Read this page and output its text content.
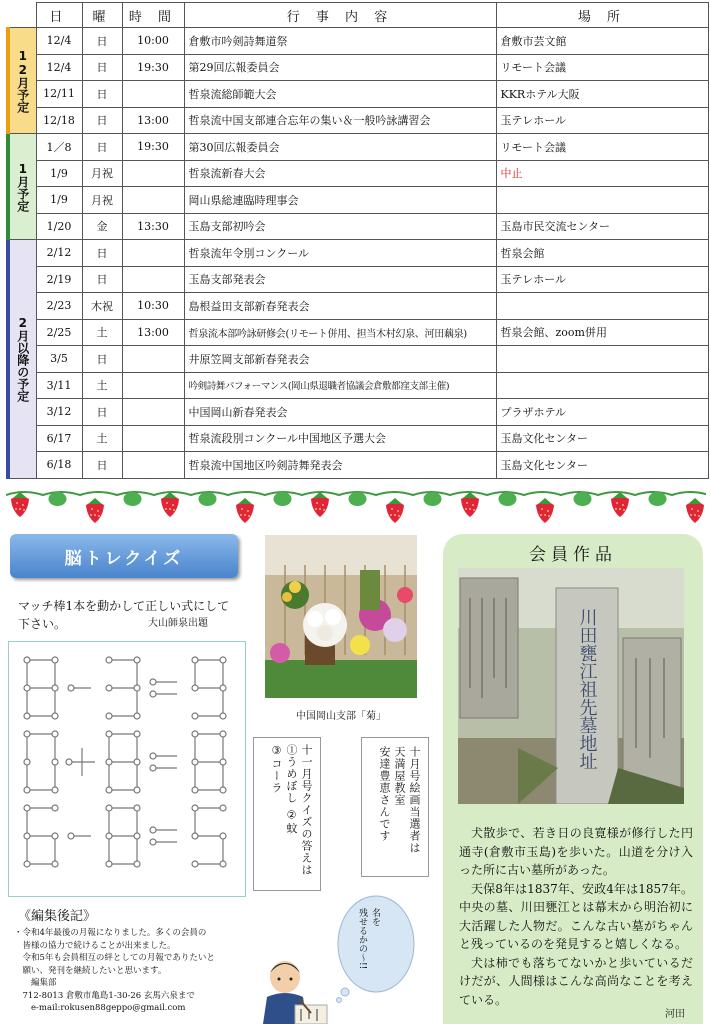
	日	曜	時 間	行 事 内 容	場 所

12月予定	12/4	日	10:00	倉敷市吟剣詩舞道祭	倉敷市芸文館
	12/4	日	19:30	第29回広報委員会	リモート会議
	12/11	日		哲泉流総師範大会	KKRホテル大阪
	12/18	日	13:00	哲泉流中国支部連合忘年の集い＆一般吟詠講習会	玉テレホール

1月予定	1／8	日	19:30	第30回広報委員会	リモート会議
	1/9	月祝		哲泉流新春大会	中止
	1/9	月祝		岡山県総連臨時理事会	
	1/20	金	13:30	玉島支部初吟会	玉島市民交流センター

2月以降の予定	2/12	日		哲泉流年令別コンクール	哲泉会館
	2/19	日		玉島支部発表会	玉テレホール
	2/23	木祝	10:30	島根益田支部新春発表会	
	2/25	土	13:00	哲泉流本部吟詠研修会(リモート併用、担当木村幻泉、河田藕泉)	哲泉会館、zoom併用
	3/5	日		井原笠岡支部新春発表会	
	3/11	土		吟剣詩舞パフォーマンス(岡山県退職者協議会倉敷都窪支部主催)	
	3/12	日		中国岡山新春発表会	プラザホテル
	6/17	土		哲泉流段別コンクール中国地区予選大会	玉島文化センター
	6/18	日		哲泉流中国地区吟剣詩舞発表会	玉島文化センター
脳トレクイズ
マッチ棒1本を動かして正しい式にして下さい。	大山師泉出題
中国岡山支部「菊」
十一月号クイズの答えは
①うめぼし ②蚊
③コーラ	十月号絵画当選者は
天満屋教室
安達豊恵さんです
会員作品
川田甕江祖先墓地址
犬散歩で、若き日の良寛様が修行した円通寺(倉敷市玉島)を歩いた。山道を分け入った所に古い墓所があった。
天保8年は1837年、安政4年は1857年。中央の墓、川田甕江とは幕末から明治初に大活躍した人物だ。こんな古い墓がちゃんと残っているのを発見すると嬉しくなる。
犬は柿でも落ちてないかと歩いているだけだが、人間様はこんな高尚なことを考えている。
河田
《編集後記》
・令和4年最後の月報になりました。多くの会員の
　皆様の協力で続けることが出来ました。
　令和5年も会員相互の絆としての月報でありたいと
　願い、発刊を継続したいと思います。
　　編集部
　712-8013 倉敷市亀島1-30-26 玄馬六泉まで
　　e-mail:rokusen88geppo@gmail.com
名を
残せるかの～!!
